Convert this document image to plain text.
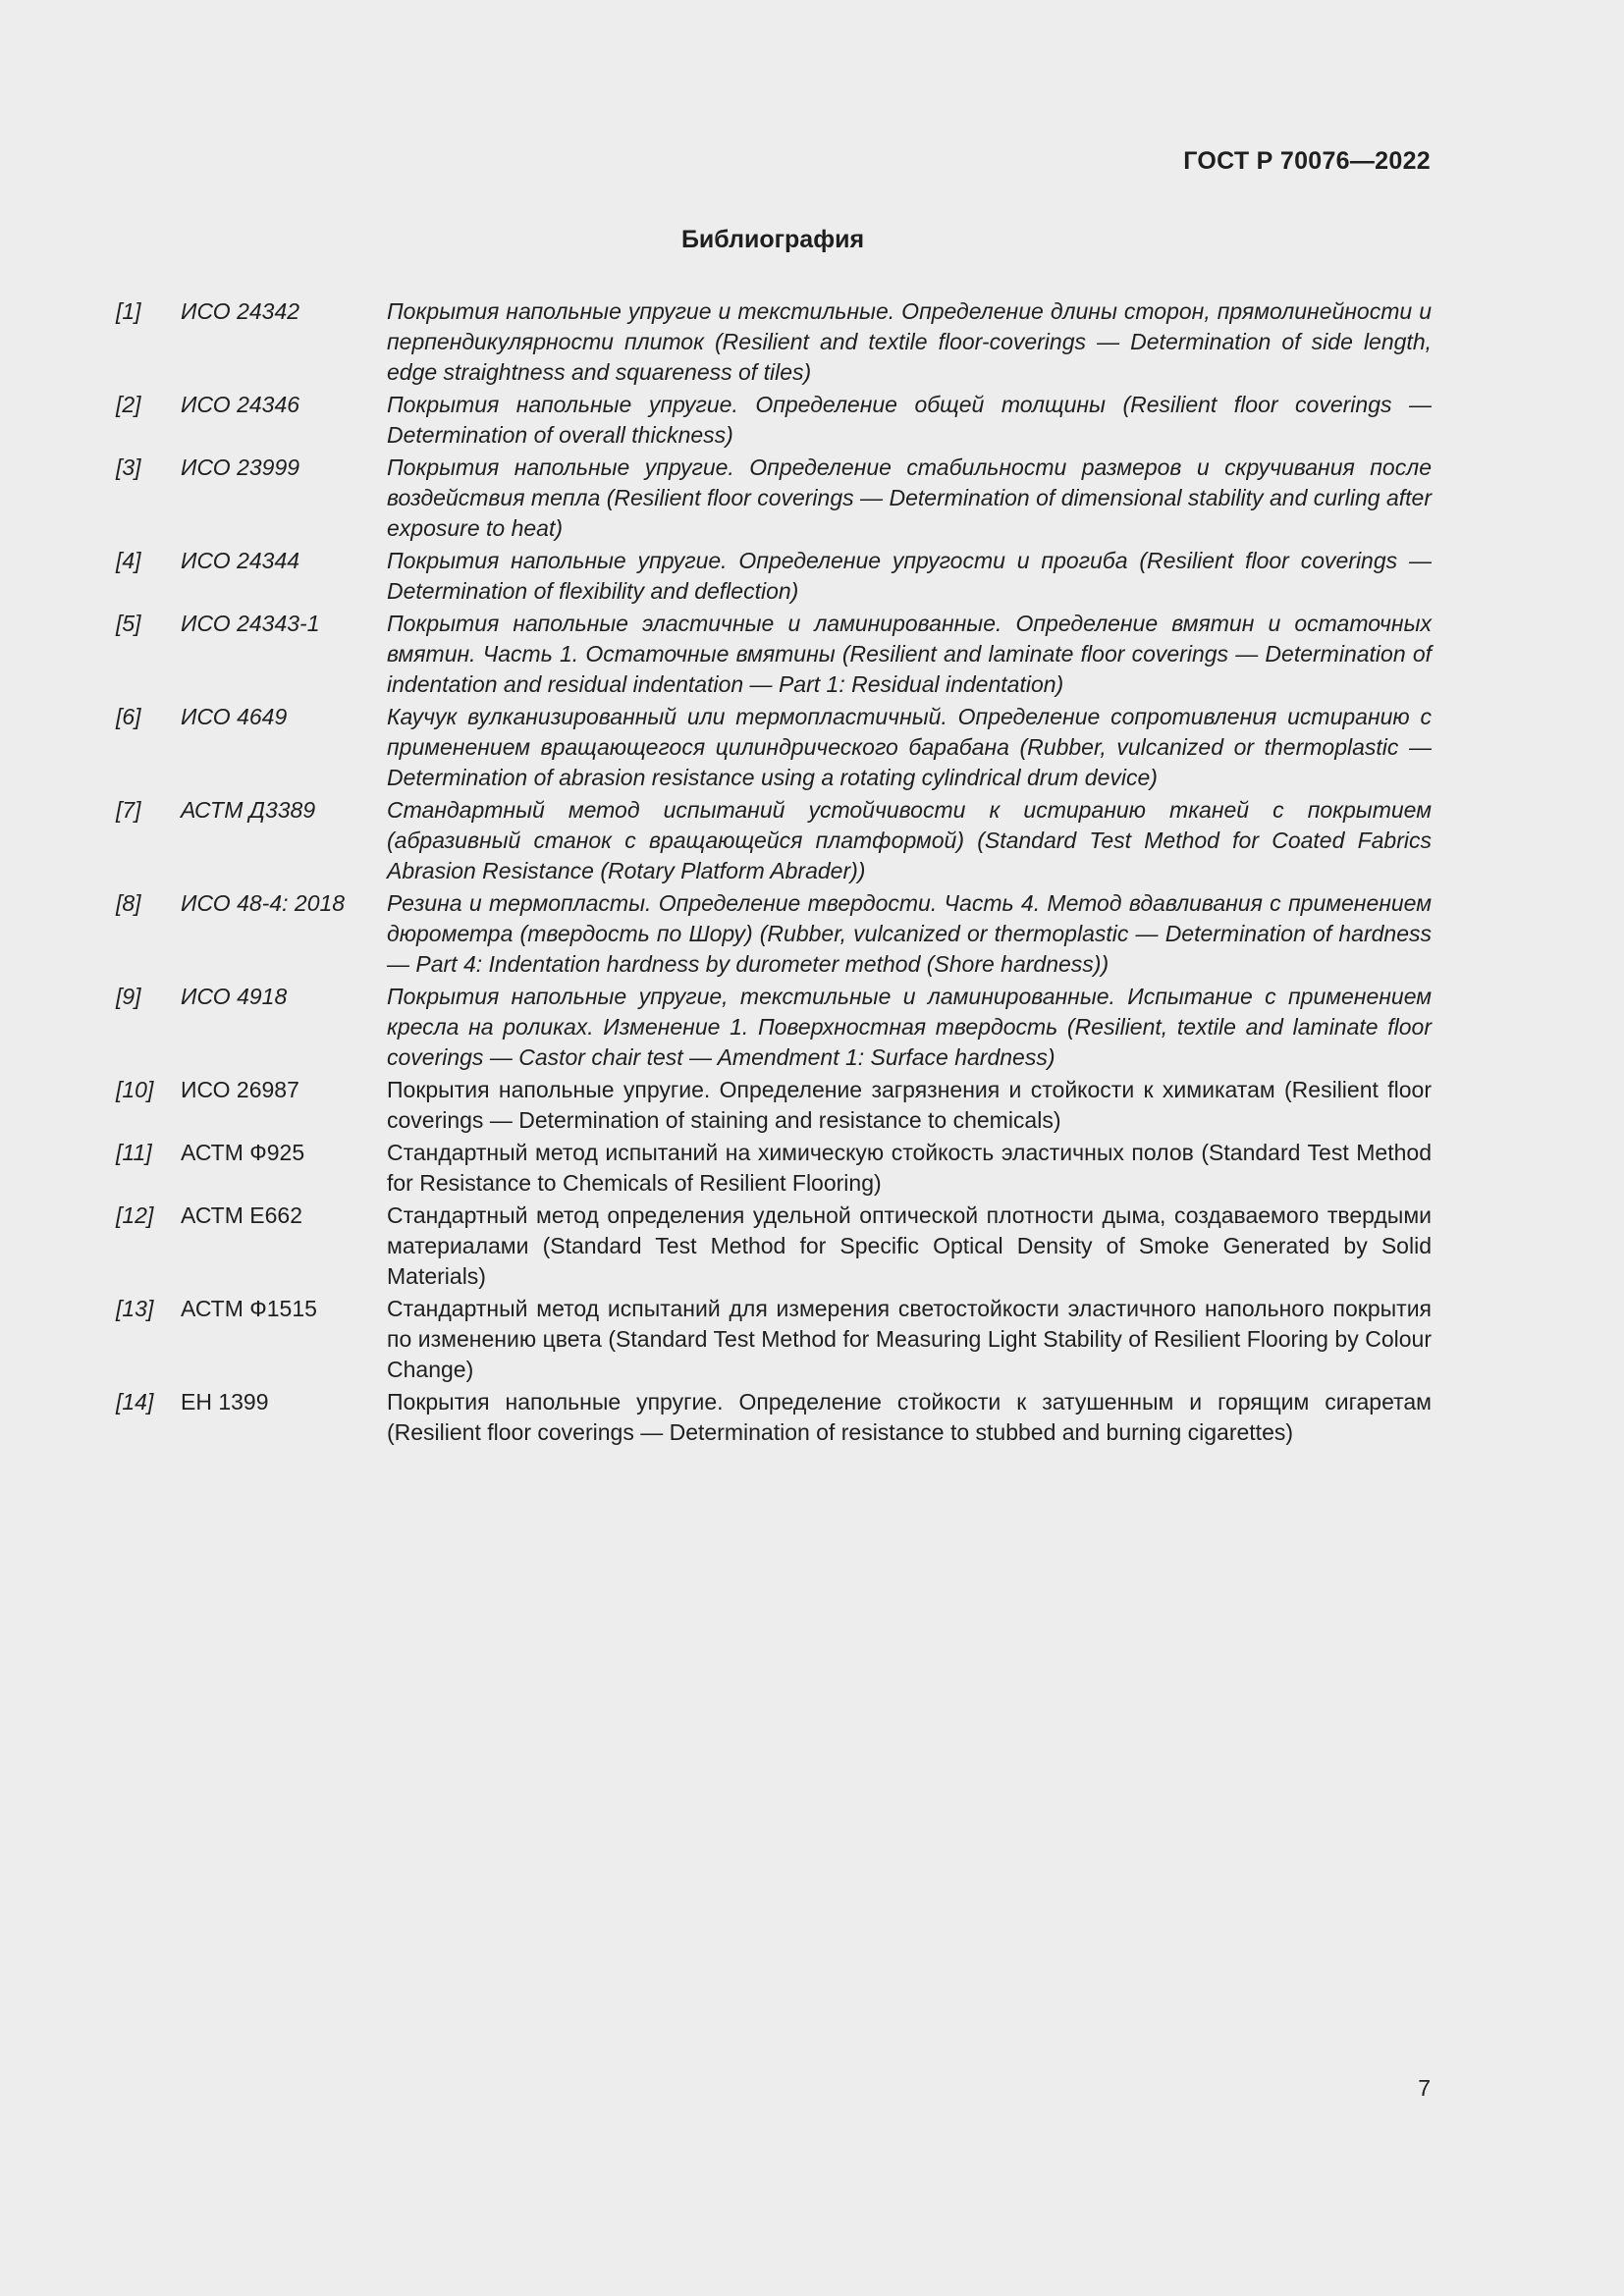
ГОСТ Р 70076—2022
Библиография
[1]	ИСО 24342	Покрытия напольные упругие и текстильные. Определение длины сторон, прямолинейности и перпендикулярности плиток (Resilient and textile floor-coverings — Determination of side length, edge straightness and squareness of tiles)
[2]	ИСО 24346	Покрытия напольные упругие. Определение общей толщины (Resilient floor coverings — Determination of overall thickness)
[3]	ИСО 23999	Покрытия напольные упругие. Определение стабильности размеров и скручивания после воздействия тепла (Resilient floor coverings — Determination of dimensional stability and curling after exposure to heat)
[4]	ИСО 24344	Покрытия напольные упругие. Определение упругости и прогиба (Resilient floor coverings — Determination of flexibility and deflection)
[5]	ИСО 24343-1	Покрытия напольные эластичные и ламинированные. Определение вмятин и остаточных вмятин. Часть 1. Остаточные вмятины (Resilient and laminate floor coverings — Determination of indentation and residual indentation — Part 1: Residual indentation)
[6]	ИСО 4649	Каучук вулканизированный или термопластичный. Определение сопротивления истиранию с применением вращающегося цилиндрического барабана (Rubber, vulcanized or thermoplastic — Determination of abrasion resistance using a rotating cylindrical drum device)
[7]	АСТМ Д3389	Стандартный метод испытаний устойчивости к истиранию тканей с покрытием (абразивный станок с вращающейся платформой) (Standard Test Method for Coated Fabrics Abrasion Resistance (Rotary Platform Abrader))
[8]	ИСО 48-4: 2018	Резина и термопласты. Определение твердости. Часть 4. Метод вдавливания с применением дюрометра (твердость по Шору) (Rubber, vulcanized or thermoplastic — Determination of hardness — Part 4: Indentation hardness by durometer method (Shore hardness))
[9]	ИСО 4918	Покрытия напольные упругие, текстильные и ламинированные. Испытание с применением кресла на роликах. Изменение 1. Поверхностная твердость (Resilient, textile and laminate floor coverings — Castor chair test — Amendment 1: Surface hardness)
[10]	ИСО 26987	Покрытия напольные упругие. Определение загрязнения и стойкости к химикатам (Resilient floor coverings — Determination of staining and resistance to chemicals)
[11]	АСТМ Ф925	Стандартный метод испытаний на химическую стойкость эластичных полов (Standard Test Method for Resistance to Chemicals of Resilient Flooring)
[12]	АСТМ Е662	Стандартный метод определения удельной оптической плотности дыма, создаваемого твердыми материалами (Standard Test Method for Specific Optical Density of Smoke Generated by Solid Materials)
[13]	АСТМ Ф1515	Стандартный метод испытаний для измерения светостойкости эластичного напольного покрытия по изменению цвета (Standard Test Method for Measuring Light Stability of Resilient Flooring by Colour Change)
[14]	ЕН 1399	Покрытия напольные упругие. Определение стойкости к затушенным и горящим сигаретам (Resilient floor coverings — Determination of resistance to stubbed and burning cigarettes)
7
